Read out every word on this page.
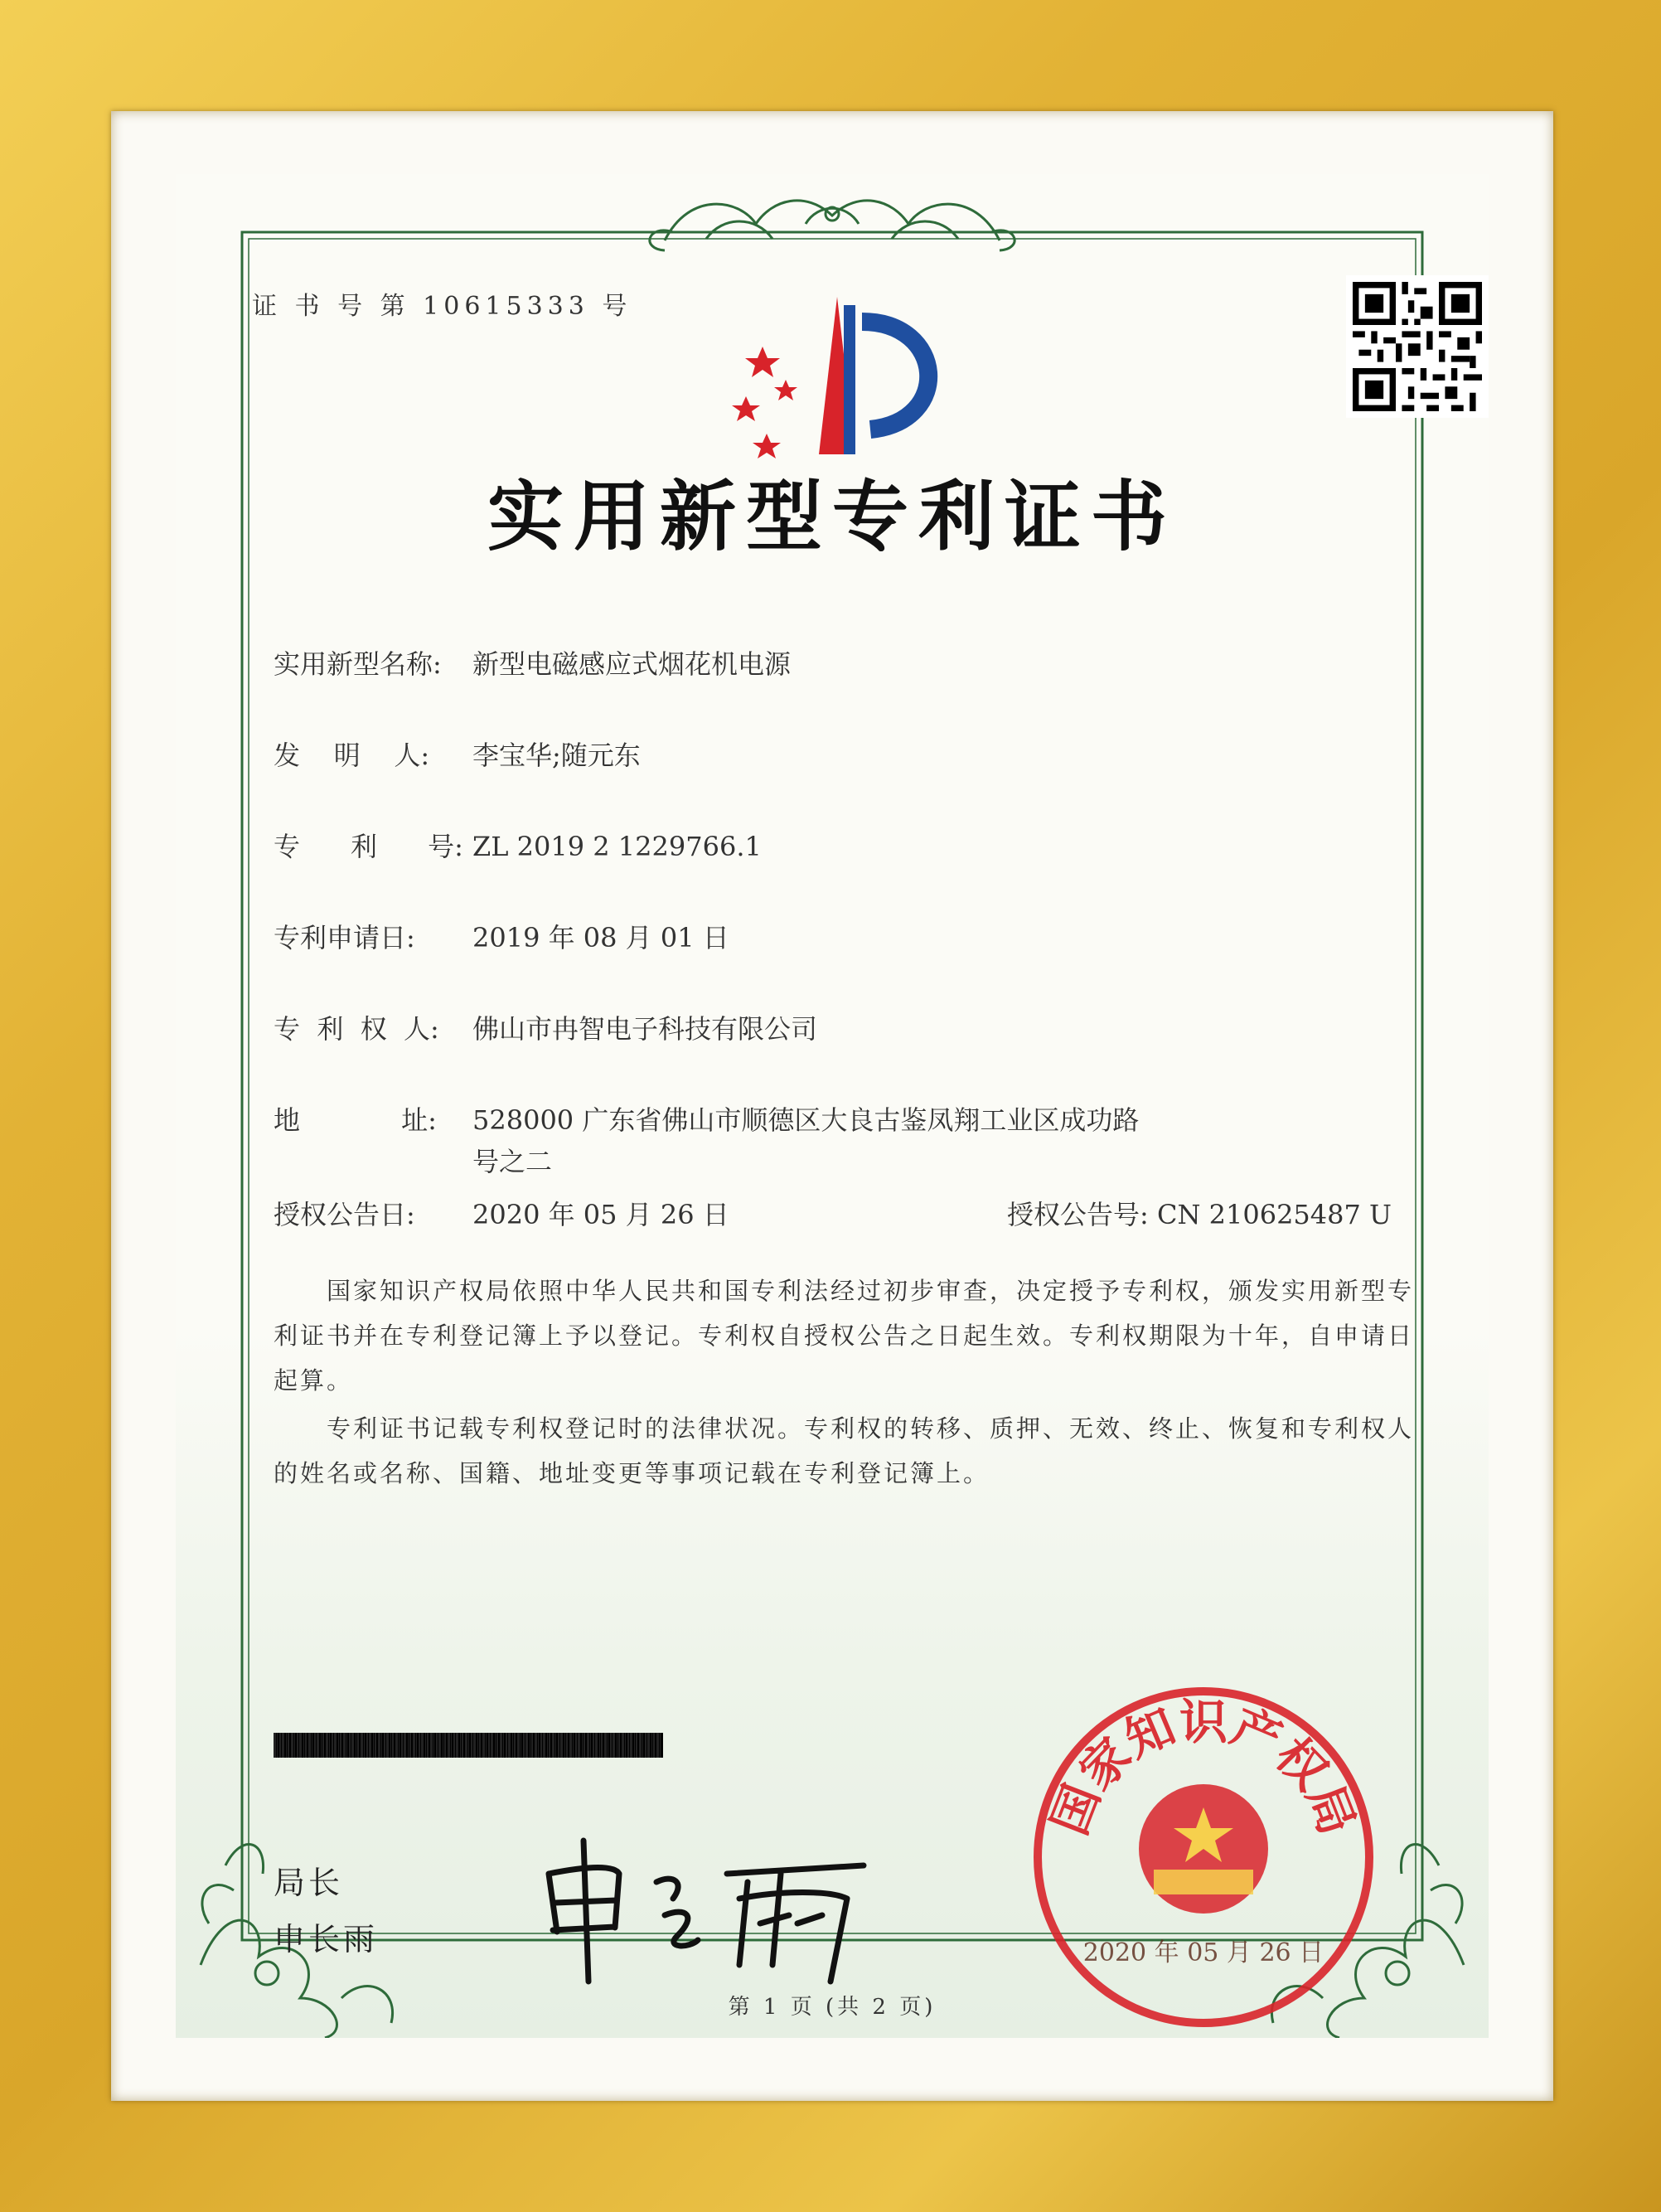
证 书 号 第 10615333 号
实用新型专利证书
实用新型名称: 新型电磁感应式烟花机电源
发    明    人: 李宝华;随元东
专      利      号: ZL 2019 2 1229766.1
专利申请日: 2019 年 08 月 01 日
专  利  权  人: 佛山市冉智电子科技有限公司
地            址: 528000 广东省佛山市顺德区大良古鉴凤翔工业区成功路
号之二
授权公告日: 2020 年 05 月 26 日	授权公告号: CN 210625487 U
国家知识产权局依照中华人民共和国专利法经过初步审查，决定授予专利权，颁发实用新型专利证书并在专利登记簿上予以登记。专利权自授权公告之日起生效。专利权期限为十年，自申请日起算。
专利证书记载专利权登记时的法律状况。专利权的转移、质押、无效、终止、恢复和专利权人的姓名或名称、国籍、地址变更等事项记载在专利登记簿上。
局长
申长雨
国家知识产权局
2020 年 05 月 26 日
第 1 页 (共 2 页)
